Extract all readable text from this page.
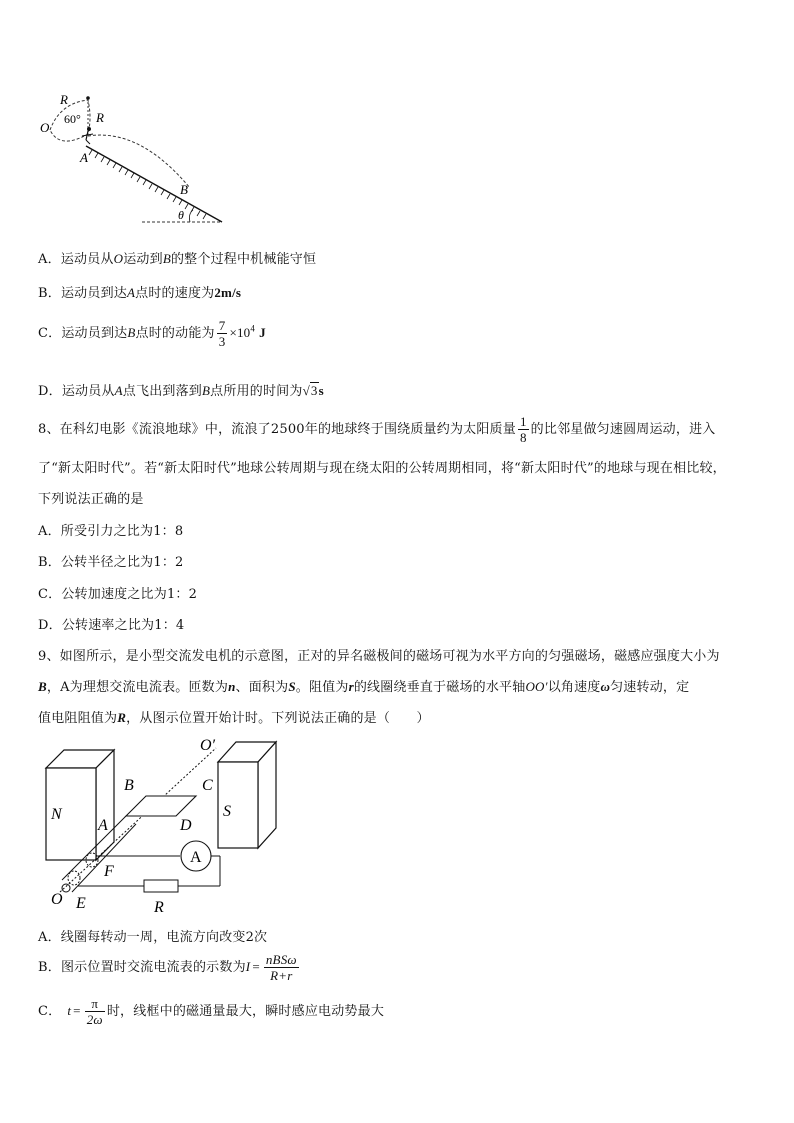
R
R
O
60°
A
B
θ
A．运动员从O运动到B的整个过程中机械能守恒
B．运动员到达A点时的速度为2m/s
C．运动员到达B点时的动能为 $\frac{7}{3} \times 10^4$ J
D．运动员从A点飞出到落到B点所用的时间为√3s
8、在科幻电影《流浪地球》中，流浪了2500年的地球终于围绕质量约为太阳质量 $\frac{1}{8}$ 的比邻星做匀速圆周运动，进入
了“新太阳时代”。若“新太阳时代”地球公转周期与现在绕太阳的公转周期相同，将“新太阳时代”的地球与现在相比较，
下列说法正确的是
A．所受引力之比为1：8
B．公转半径之比为1：2
C．公转加速度之比为1：2
D．公转速率之比为1：4
9、如图所示，是小型交流发电机的示意图，正对的异名磁极间的磁场可视为水平方向的匀强磁场，磁感应强度大小为
B，A为理想交流电流表。匝数为n、面积为S。阻值为r的线圈绕垂直于磁场的水平轴OO′以角速度ω匀速转动，定
值电阻阻值为R，从图示位置开始计时。下列说法正确的是（　　）
O′
N	S
B	C
A	D
F
A
O E	R
A．线圈每转动一周，电流方向改变2次
B．图示位置时交流电流表的示数为$I = \frac{\text{nBSω}}{R+r}$
C． $t = \frac{\pi}{2\omega}$ 时，线框中的磁通量最大，瞬时感应电动势最大
